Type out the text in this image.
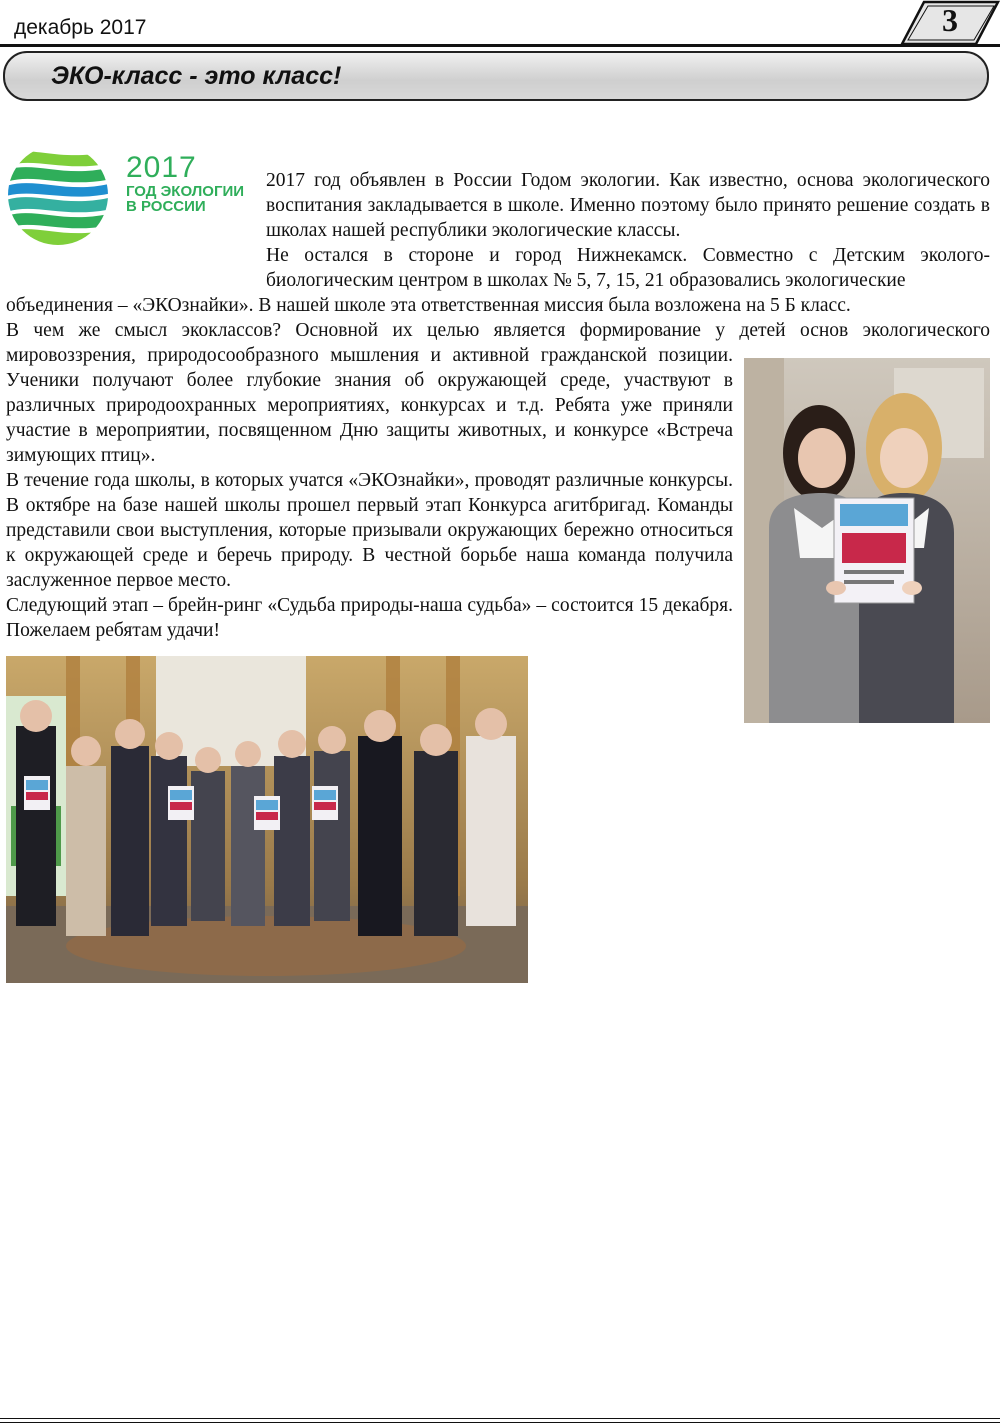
декабрь 2017	3
ЭКО-класс - это класс!
2017
ГОД ЭКОЛОГИИ
В РОССИИ

2017 год объявлен в России Годом экологии. Как известно, основа экологического воспитания закладывается в школе. Именно поэтому было принято решение создать в школах нашей республики экологические классы.

Не остался в стороне и город Нижнекамск. Совместно с Детским эколого-биологическим центром в школах № 5, 7, 15, 21 образовались экологические

объединения – «ЭКОзнайки». В нашей школе эта ответственная миссия была возложена на 5 Б класс.

В чем же смысл экоклассов? Основной их целью является формирование у детей основ экологического

мировоззрения, природосообразного мышления и активной гражданской позиции. Ученики получают более глубокие знания об окружающей среде, участвуют в различных природоохранных мероприятиях, конкурсах и т.д. Ребята уже приняли участие в мероприятии, посвященном Дню защиты животных, и конкурсе «Встреча зимующих птиц».

В течение года школы, в которых учатся «ЭКОзнайки», проводят различные конкурсы. В октябре на базе нашей школы прошел первый этап Конкурса агитбригад. Команды представили свои выступления, которые призывали окружающих бережно относиться к окружающей среде и беречь природу. В честной борьбе наша команда получила заслуженное первое место.

Следующий этап – брейн-ринг «Судьба природы-наша судьба» – состоится 15 декабря. Пожелаем ребятам удачи!
